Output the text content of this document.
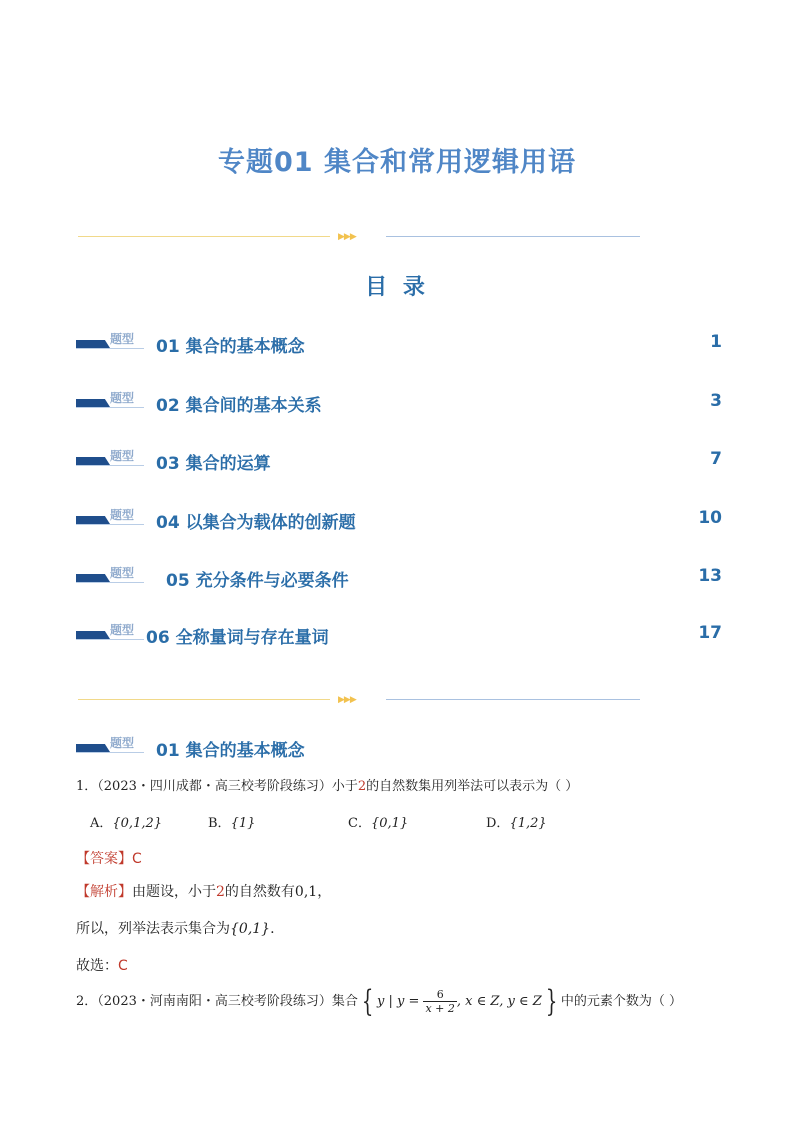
专题01 集合和常用逻辑用语
▶▶▶
目 录
题型 01 集合的基本概念	1
题型 02 集合间的基本关系	3
题型 03 集合的运算	7
题型 04 以集合为载体的创新题	10
题型 05 充分条件与必要条件	13
题型 06 全称量词与存在量词	17
▶▶▶
题型 01 集合的基本概念
1．（2023・四川成都・高三校考阶段练习）小于2的自然数集用列举法可以表示为（ ）
A．{0,1,2}	B．{1}	C．{0,1}	D．{1,2}
【答案】C
【解析】由题设，小于2的自然数有0,1，
所以，列举法表示集合为{0,1}.
故选：C
2．（2023・河南南阳・高三校考阶段练习）集合 { y | $y = \frac{6}{x + 2}$ , x ∈ Z, y ∈ Z } 中的元素个数为（ ）
